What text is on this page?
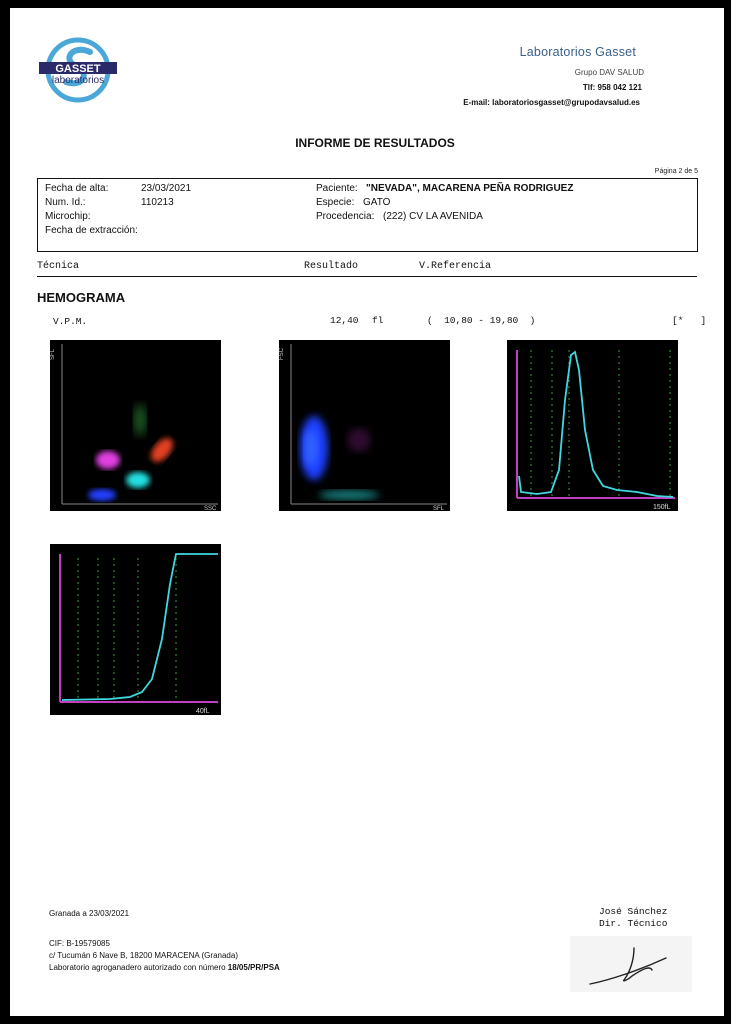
GASSET
laboratorios
Laboratorios Gasset
Grupo DAV SALUD
Tlf: 958 042 121
E-mail: laboratoriosgasset@grupodavsalud.es
INFORME DE RESULTADOS
Página 2 de 5
Fecha de alta:	23/03/2021
Num. Id.:	110213
Microchip:
Fecha de extracción:
Paciente: "NEVADA", MACARENA PEÑA RODRIGUEZ
Especie: GATO
Procedencia: (222) CV LA AVENIDA
Técnica	Resultado	V.Referencia
HEMOGRAMA
V.P.M.	12,40 fl	(  10,80 - 19,80  )	[*   ]
SFL
SSC
FSC
SFL	150fL
40fL
Granada a 23/03/2021
CIF: B-19579085
c/ Tucumán 6 Nave B, 18200 MARACENA (Granada)
Laboratorio agroganadero autorizado con número 18/05/PR/PSA
José Sánchez
Dir. Técnico
